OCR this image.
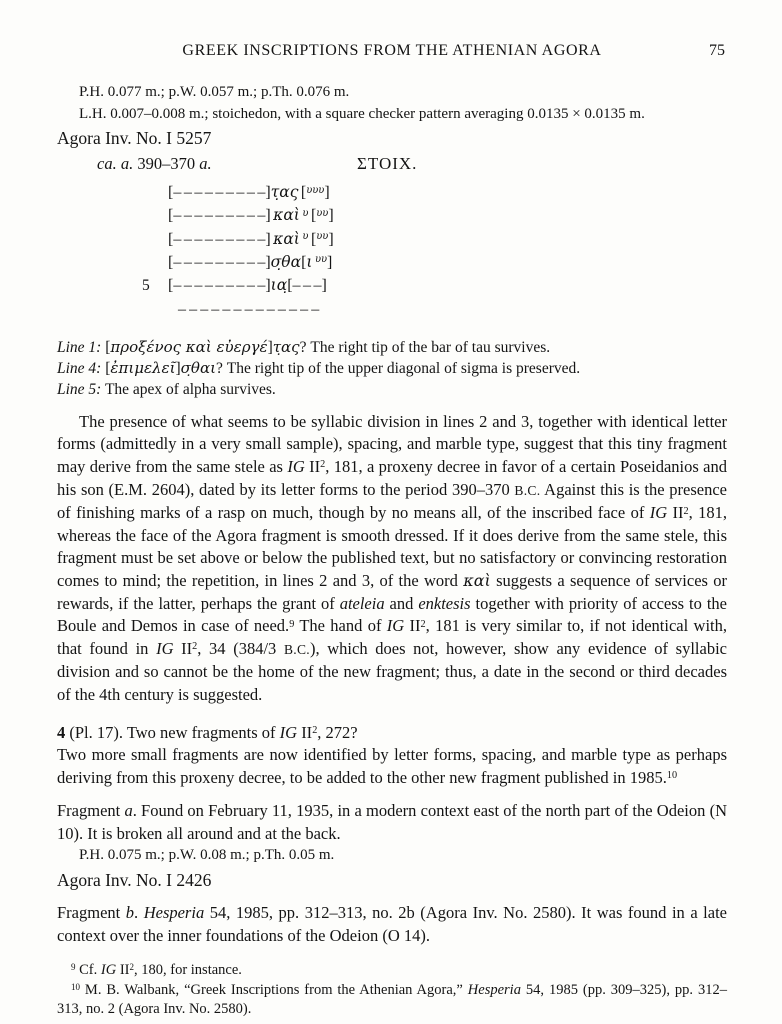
GREEK INSCRIPTIONS FROM THE ATHENIAN AGORA	75
P.H. 0.077 m.; p.W. 0.057 m.; p.Th. 0.076 m.
L.H. 0.007–0.008 m.; stoichedon, with a square checker pattern averaging 0.0135 × 0.0135 m.
Agora Inv. No. I 5257
ca. a. 390–370 a.	ΣΤΟΙΧ.
[– – – – – – – – –]τ̣ας [$^{\upsilon\upsilon\upsilon}$]
[– – – – – – – – –] καὶ $^\upsilon$ [$^{\upsilon\upsilon}$]
[– – – – – – – – –] καὶ $^\upsilon$ [$^{\upsilon\upsilon}$]
[– – – – – – – – –]σ̣θα[ι $^{\upsilon\upsilon}$]
5	[– – – – – – – – –]ια̣[– – –]
– – – – – – – – – – – – –
Line 1: [προξένος καὶ εὐεργέ]τ̣ας? The right tip of the bar of tau survives.
Line 4: [ἐπιμελεῖ]σ̣θαι? The right tip of the upper diagonal of sigma is preserved.
Line 5: The apex of alpha survives.

The presence of what seems to be syllabic division in lines 2 and 3, together with identical letter forms (admittedly in a very small sample), spacing, and marble type, suggest that this tiny fragment may derive from the same stele as IG $II^2$, 181, a proxeny decree in favor of a certain Poseidanios and his son (E.M. 2604), dated by its letter forms to the period 390–370 B.C. Against this is the presence of finishing marks of a rasp on much, though by no means all, of the inscribed face of IG $II^2$, 181, whereas the face of the Agora fragment is smooth dressed. If it does derive from the same stele, this fragment must be set above or below the published text, but no satisfactory or convincing restoration comes to mind; the repetition, in lines 2 and 3, of the word καὶ suggests a sequence of services or rewards, if the latter, perhaps the grant of ateleia and enktesis together with priority of access to the Boule and Demos in case of need.$^9$ The hand of IG $II^2$, 181 is very similar to, if not identical with, that found in IG $II^2$, 34 (384/3 B.C.), which does not, however, show any evidence of syllabic division and so cannot be the home of the new fragment; thus, a date in the second or third decades of the 4th century is suggested.

4 (Pl. 17). Two new fragments of IG $II^2$, 272?

Two more small fragments are now identified by letter forms, spacing, and marble type as perhaps deriving from this proxeny decree, to be added to the other new fragment published in 1985.10

Fragment a. Found on February 11, 1935, in a modern context east of the north part of the Odeion (N 10). It is broken all around and at the back.

P.H. 0.075 m.; p.W. 0.08 m.; p.Th. 0.05 m.
Agora Inv. No. I 2426

Fragment b. Hesperia 54, 1985, pp. 312–313, no. 2b (Agora Inv. No. 2580). It was found in a late context over the inner foundations of the Odeion (O 14).

$^9$ Cf. IG $II^2$, 180, for instance.

$^{10}$ M. B. Walbank, “Greek Inscriptions from the Athenian Agora,” Hesperia 54, 1985 (pp. 309–325), pp. 312–313, no. 2 (Agora Inv. No. 2580).
